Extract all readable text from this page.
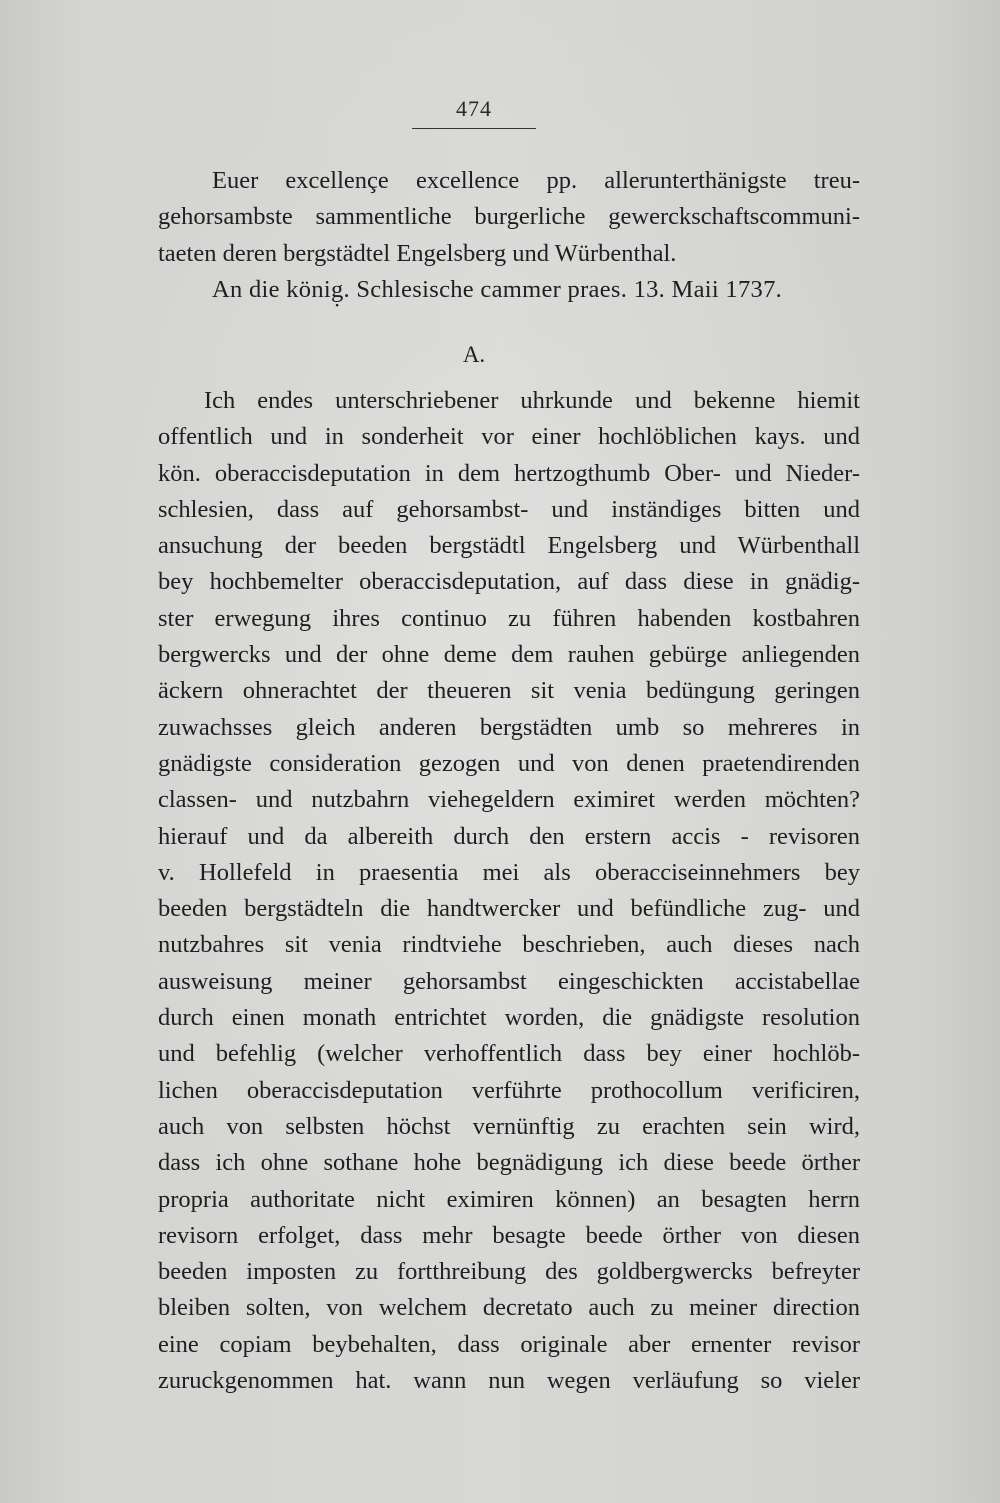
474

Euer excellençe excellence pp. allerunterthänigste treu-
gehorsambste sammentliche burgerliche gewerckschaftscommuni-
taeten deren bergstädtel Engelsberg und Würbenthal.

An die könig̣. Schlesische cammer praes. 13. Maii 1737.
A.

Ich endes unterschriebener uhrkunde und bekenne hiemit
offentlich und in sonderheit vor einer hochlöblichen kays. und
kön. oberaccisdeputation in dem hertzogthumb Ober- und Nieder-
schlesien, dass auf gehorsambst- und inständiges bitten und
ansuchung der beeden bergstädtl Engelsberg und Würbenthall
bey hochbemelter oberaccisdeputation, auf dass diese in gnädig-
ster erwegung ihres continuo zu führen habenden kostbahren
bergwercks und der ohne deme dem rauhen gebürge anliegenden
äckern ohnerachtet der theueren sit venia bedüngung geringen
zuwachsses gleich anderen bergstädten umb so mehreres in
gnädigste consideration gezogen und von denen praetendirenden
classen- und nutzbahrn viehegeldern eximiret werden möchten?
hierauf und da albereith durch den erstern accis - revisoren
v. Hollefeld in praesentia mei als oberacciseinnehmers bey
beeden bergstädteln die handtwercker und befündliche zug- und
nutzbahres sit venia rindtviehe beschrieben, auch dieses nach
ausweisung meiner gehorsambst eingeschickten accistabellae
durch einen monath entrichtet worden, die gnädigste resolution
und befehlig (welcher verhoffentlich dass bey einer hochlöb-
lichen oberaccisdeputation verführte prothocollum verificiren,
auch von selbsten höchst vernünftig zu erachten sein wird,
dass ich ohne sothane hohe begnädigung ich diese beede örther
propria authoritate nicht eximiren können) an besagten herrn
revisorn erfolget, dass mehr besagte beede örther von diesen
beeden imposten zu fortthreibung des goldbergwercks befreyter
bleiben solten, von welchem decretato auch zu meiner direction
eine copiam beybehalten, dass originale aber ernenter revisor
zuruckgenommen hat. wann nun wegen verläufung so vieler
